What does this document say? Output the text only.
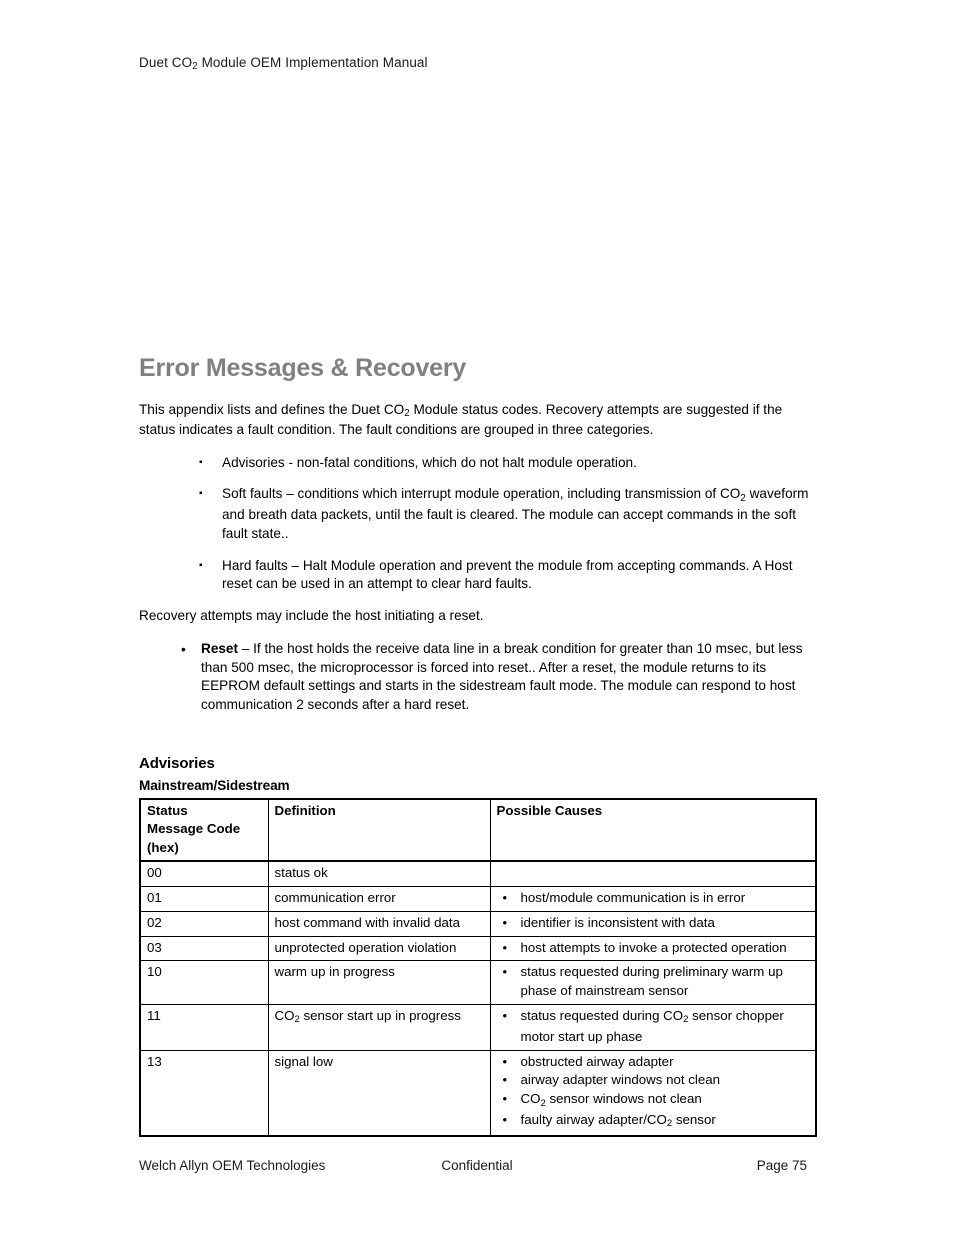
Duet $CO_2$ Module OEM Implementation Manual
Error Messages & Recovery

This appendix lists and defines the Duet $CO_2$ Module status codes. Recovery attempts are suggested if the status indicates a fault condition. The fault conditions are grouped in three categories.

▪ Advisories - non-fatal conditions, which do not halt module operation.
▪ Soft faults – conditions which interrupt module operation, including transmission of $CO_2$ waveform and breath data packets, until the fault is cleared. The module can accept commands in the soft fault state..
▪ Hard faults – Halt Module operation and prevent the module from accepting commands. A Host reset can be used in an attempt to clear hard faults.

Recovery attempts may include the host initiating a reset.

• Reset – If the host holds the receive data line in a break condition for greater than 10 msec, but less than 500 msec, the microprocessor is forced into reset.. After a reset, the module returns to its EEPROM default settings and starts in the sidestream fault mode. The module can respond to host communication 2 seconds after a hard reset.
Advisories
Mainstream/Sidestream
Status
Message Code
(hex)	Definition	Possible Causes
00	status ok	
01	communication error	• host/module communication is in error

02	host command with invalid data	• identifier is inconsistent with data

03	unprotected operation violation	• host attempts to invoke a protected operation

10	warm up in progress	• status requested during preliminary warm up phase of mainstream sensor

11	$CO_2$ sensor start up in progress	• status requested during $CO_2$ sensor chopper motor start up phase

13	signal low	• obstructed airway adapter
• airway adapter windows not clean
• $CO_2$ sensor windows not clean
• faulty airway adapter/$CO_2$ sensor
Welch Allyn OEM Technologies	Confidential	Page 75
